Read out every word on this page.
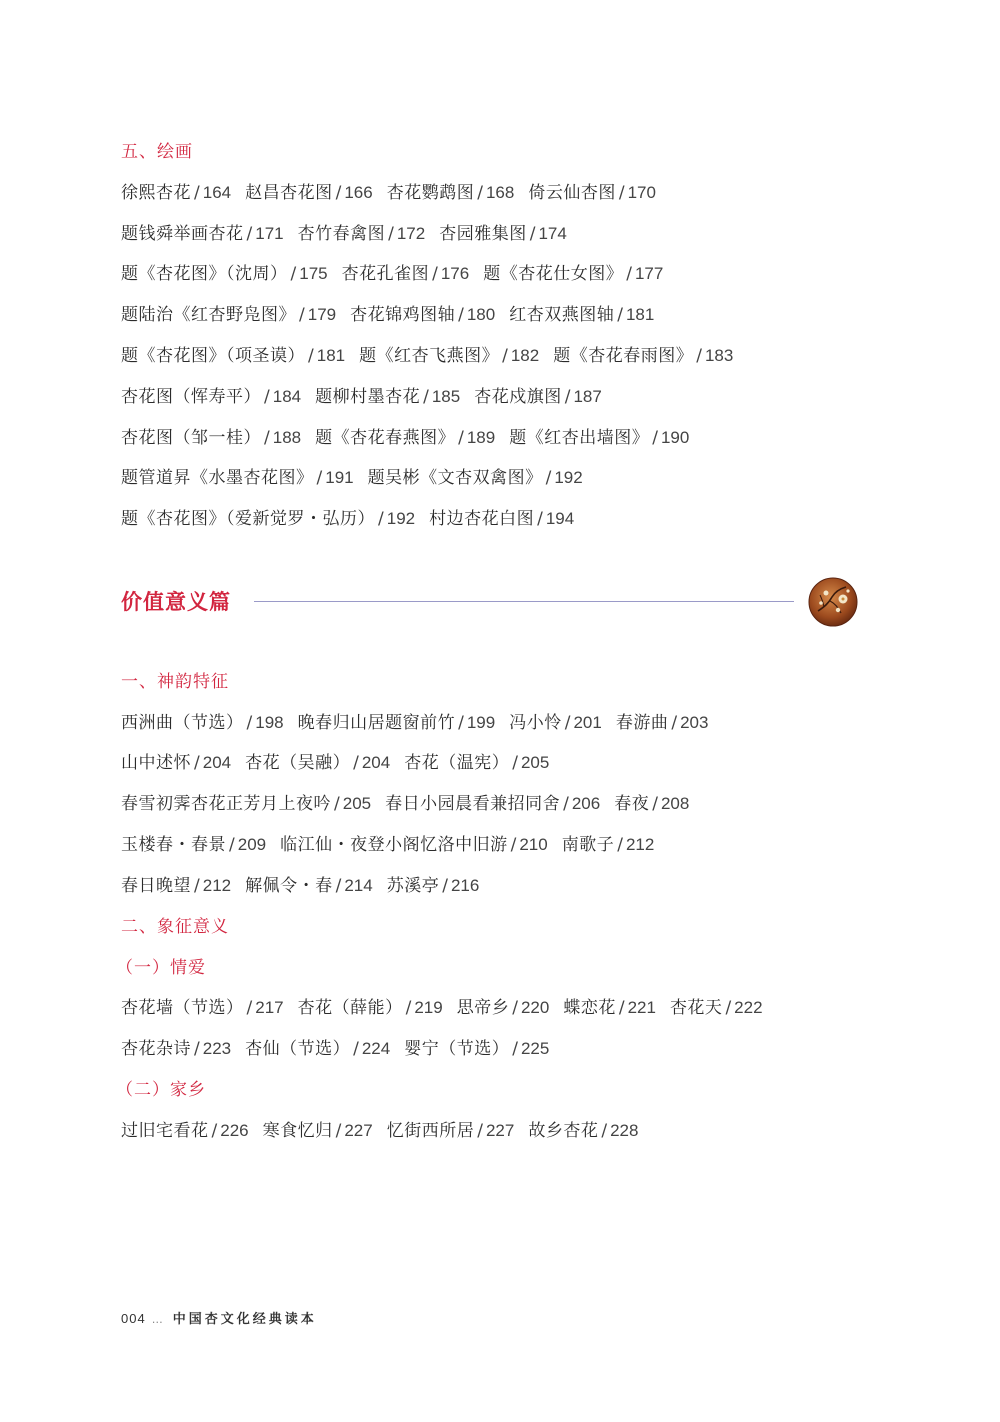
五、绘画
徐熙杏花 / 164 赵昌杏花图 / 166 杏花鹦鹉图 / 168 倚云仙杏图 / 170
题钱舜举画杏花 / 171 杏竹春禽图 / 172 杏园雅集图 / 174
题《杏花图》（沈周） / 175 杏花孔雀图 / 176 题《杏花仕女图》 / 177
题陆治《红杏野凫图》 / 179 杏花锦鸡图轴 / 180 红杏双燕图轴 / 181
题《杏花图》（项圣谟） / 181 题《红杏飞燕图》 / 182 题《杏花春雨图》 / 183
杏花图（恽寿平） / 184 题柳村墨杏花 / 185 杏花戍旗图 / 187
杏花图（邹一桂） / 188 题《杏花春燕图》 / 189 题《红杏出墙图》 / 190
题管道昇《水墨杏花图》 / 191 题吴彬《文杏双禽图》 / 192
题《杏花图》（爱新觉罗・弘历） / 192 村边杏花白图 / 194
价值意义篇
一、神韵特征
西洲曲（节选） / 198 晚春归山居题窗前竹 / 199 冯小怜 / 201 春游曲 / 203
山中述怀 / 204 杏花（吴融） / 204 杏花（温宪） / 205
春雪初霁杏花正芳月上夜吟 / 205 春日小园晨看兼招同舍 / 206 春夜 / 208
玉楼春・春景 / 209 临江仙・夜登小阁忆洛中旧游 / 210 南歌子 / 212
春日晚望 / 212 解佩令・春 / 214 苏溪亭 / 216
二、象征意义
（一）情爱
杏花墙（节选） / 217 杏花（薛能） / 219 思帝乡 / 220 蝶恋花 / 221 杏花天 / 222
杏花杂诗 / 223 杏仙（节选） / 224 婴宁（节选） / 225
（二）家乡
过旧宅看花 / 226 寒食忆归 / 227 忆街西所居 / 227 故乡杏花 / 228
004 … 中国杏文化经典读本
